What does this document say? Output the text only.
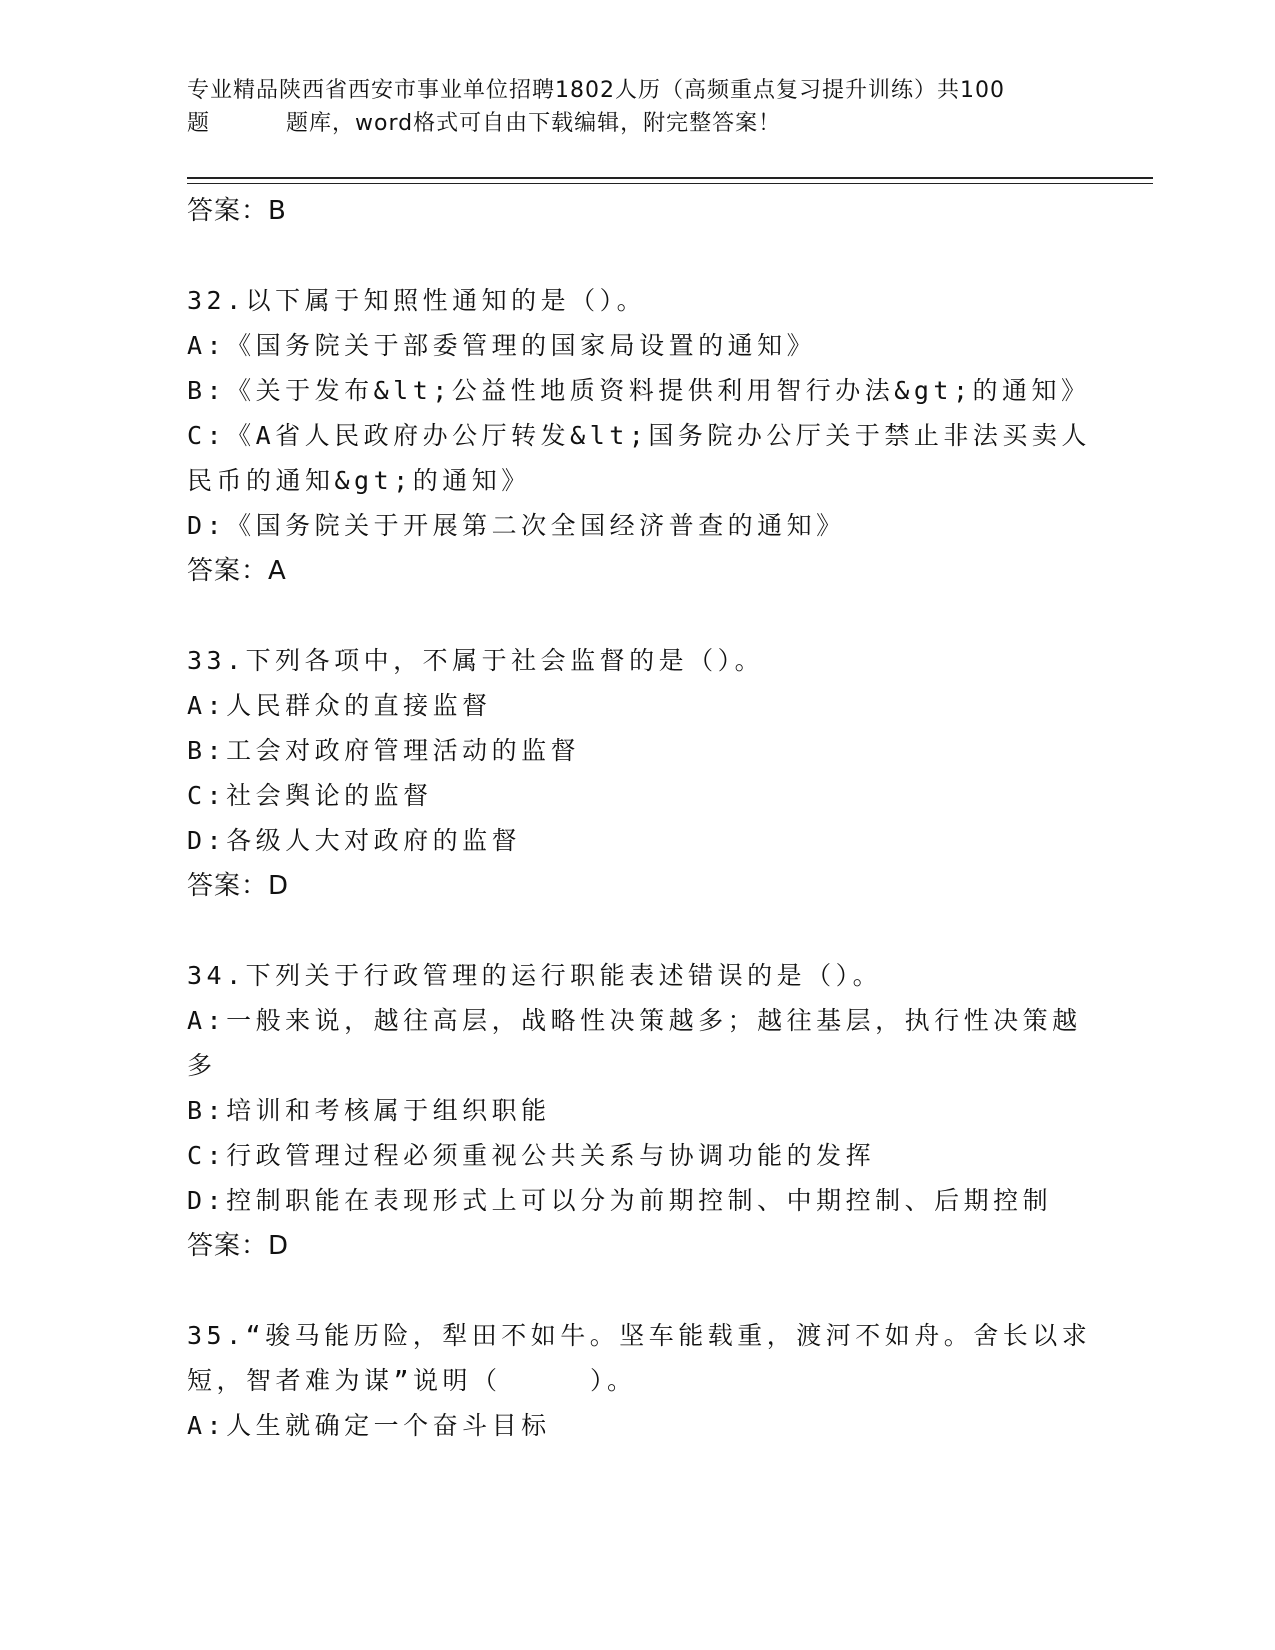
专业精品陕西省西安市事业单位招聘1802人历（高频重点复习提升训练）共100
题	题库，word格式可自由下载编辑，附完整答案！
答案：B
32.以下属于知照性通知的是（）。
A:《国务院关于部委管理的国家局设置的通知》
B:《关于发布&lt;公益性地质资料提供利用智行办法&gt;的通知》
C:《A省人民政府办公厅转发&lt;国务院办公厅关于禁止非法买卖人
民币的通知&gt;的通知》
D:《国务院关于开展第二次全国经济普查的通知》
答案：A
33.下列各项中，不属于社会监督的是（）。
A:人民群众的直接监督
B:工会对政府管理活动的监督
C:社会舆论的监督
D:各级人大对政府的监督
答案：D
34.下列关于行政管理的运行职能表述错误的是（）。
A:一般来说，越往高层，战略性决策越多；越往基层，执行性决策越
多
B:培训和考核属于组织职能
C:行政管理过程必须重视公共关系与协调功能的发挥
D:控制职能在表现形式上可以分为前期控制、中期控制、后期控制
答案：D
35.“骏马能历险，犁田不如牛。坚车能载重，渡河不如舟。舍长以求
短，智者难为谋”说明（　　　）。
A:人生就确定一个奋斗目标
